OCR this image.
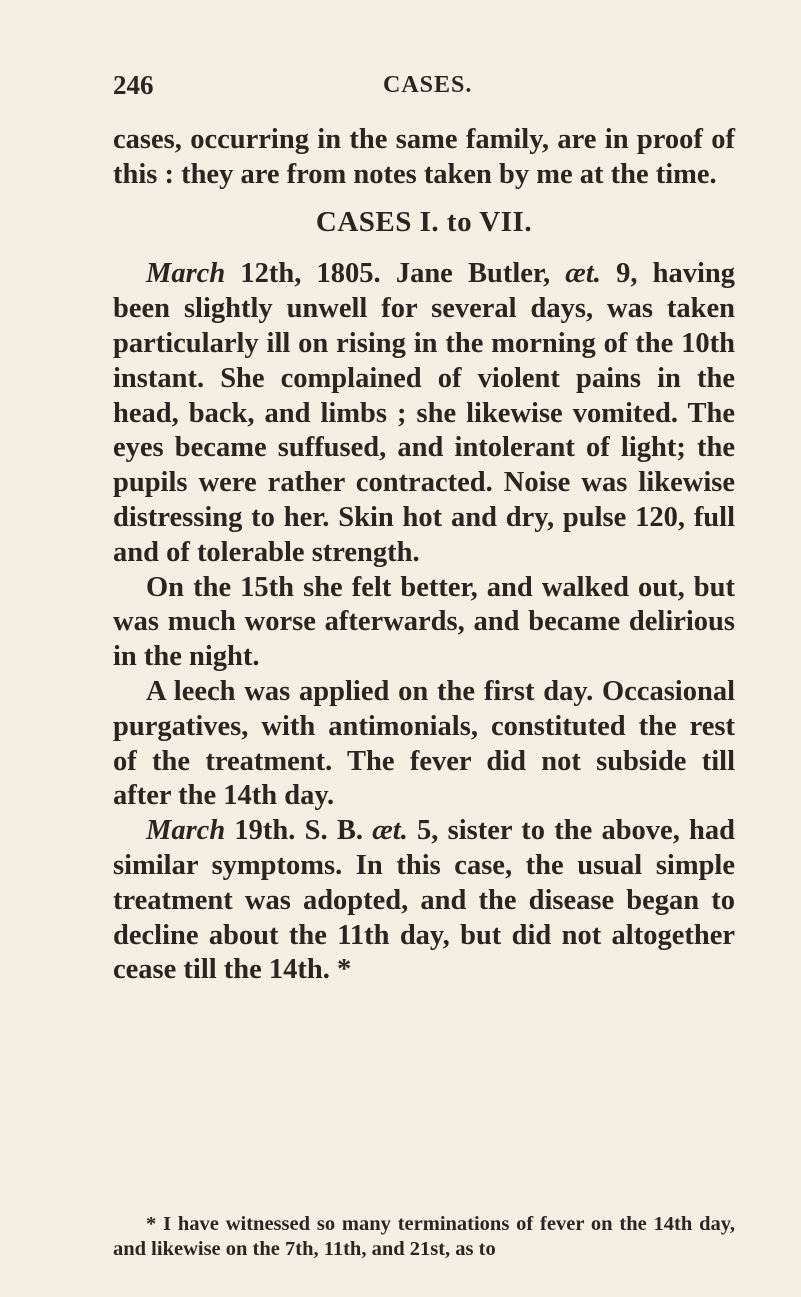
246	CASES.

cases, occurring in the same family, are in proof of this : they are from notes taken by me at the time.

CASES I. to VII.

March 12th, 1805. Jane Butler, æt. 9, having been slightly unwell for several days, was taken particularly ill on rising in the morning of the 10th instant. She complained of violent pains in the head, back, and limbs ; she likewise vomited. The eyes became suffused, and intolerant of light; the pupils were rather contracted. Noise was likewise distressing to her. Skin hot and dry, pulse 120, full and of tolerable strength.

On the 15th she felt better, and walked out, but was much worse afterwards, and became delirious in the night.

A leech was applied on the first day. Occasional purgatives, with antimonials, constituted the rest of the treatment. The fever did not subside till after the 14th day.

March 19th. S. B. æt. 5, sister to the above, had similar symptoms. In this case, the usual simple treatment was adopted, and the disease began to decline about the 11th day, but did not altogether cease till the 14th. *

* I have witnessed so many terminations of fever on the 14th day, and likewise on the 7th, 11th, and 21st, as to
